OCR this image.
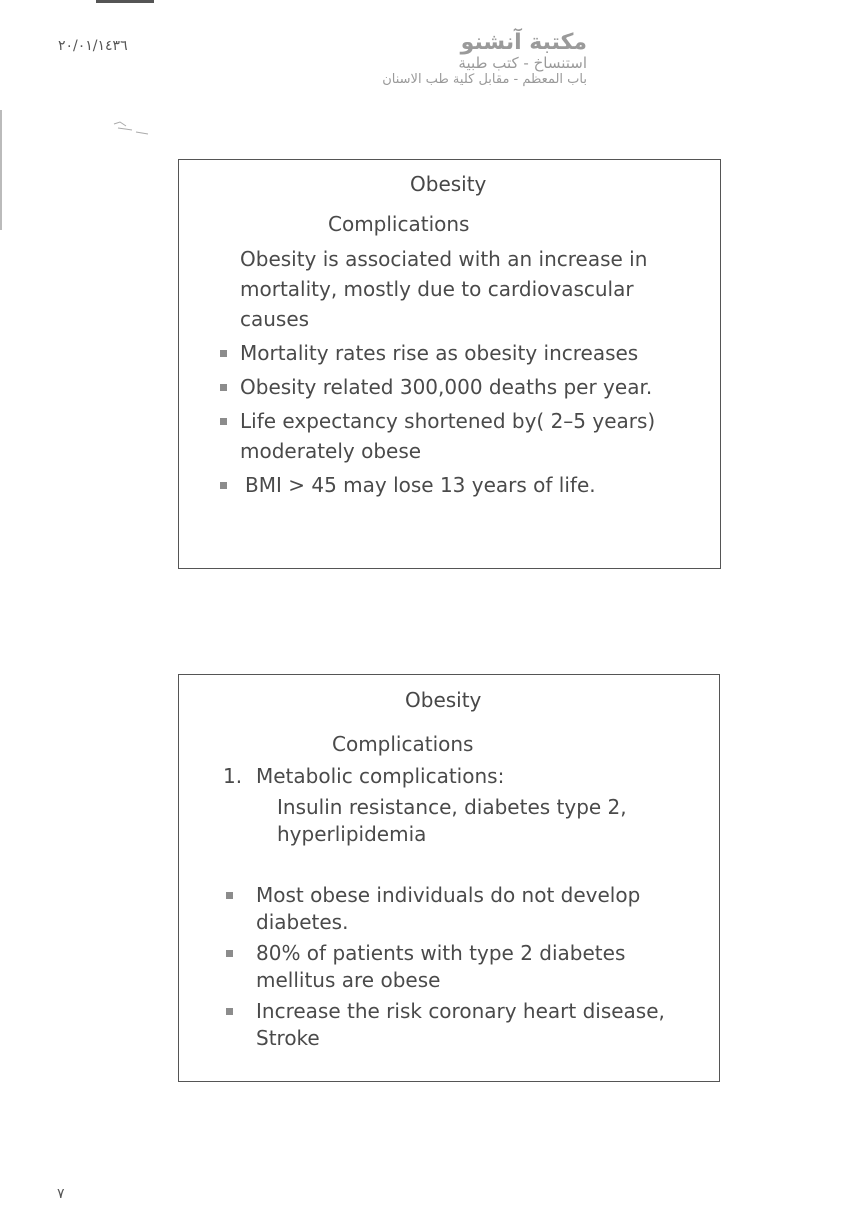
٢٠/٠١/١٤٣٦	مكتبة آنشنو
استنساخ - كتب طبية
باب المعظم - مقابل كلية طب الاسنان
Obesity
Complications
Obesity is associated with an increase in mortality, mostly due to cardiovascular causes
Mortality rates rise as obesity increases
Obesity related 300,000 deaths per year.
Life expectancy shortened by( 2–5 years) moderately obese
BMI > 45 may lose 13 years of life.
Obesity
Complications
1. Metabolic complications:
Insulin resistance, diabetes type 2, hyperlipidemia
Most obese individuals do not develop diabetes.
80% of patients with type 2 diabetes mellitus are obese
Increase the risk coronary heart disease, Stroke
٧
